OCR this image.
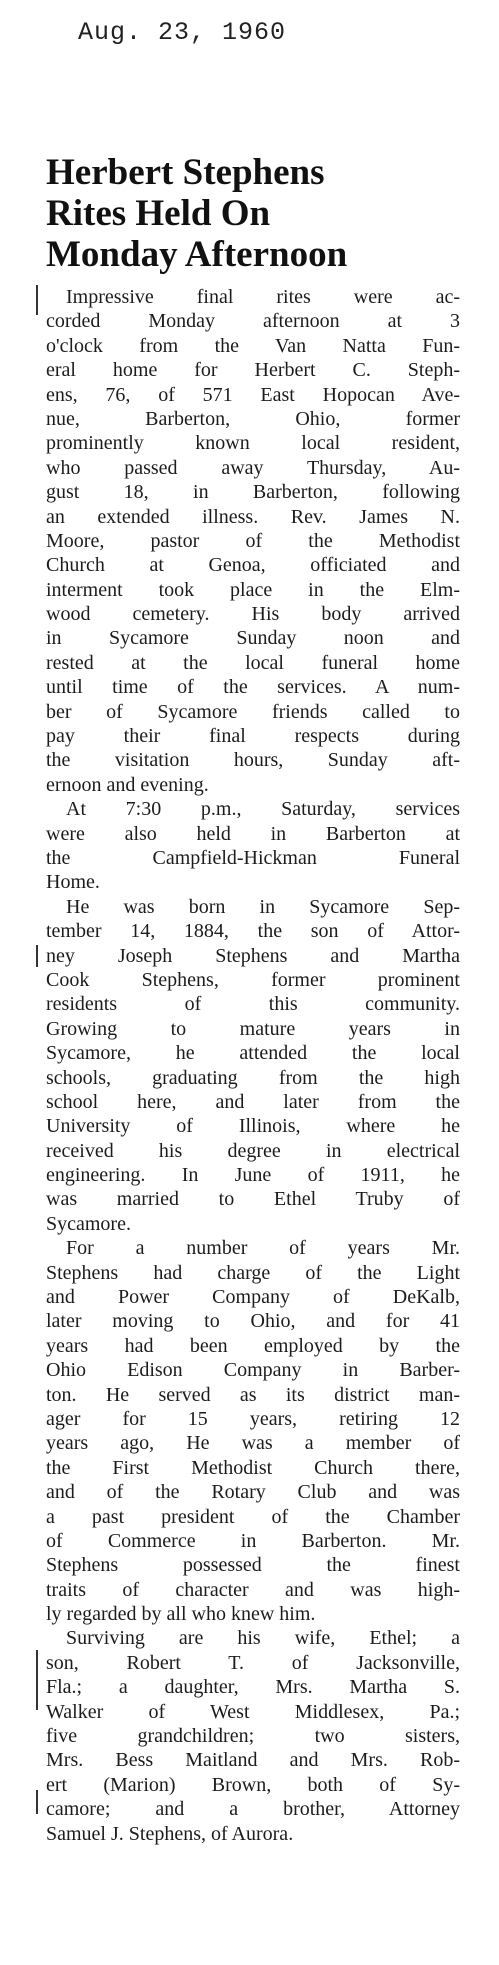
Aug. 23, 1960
Herbert Stephens
Rites Held On
Monday Afternoon
Impressive final rites were ac-
corded Monday afternoon at 3
o'clock from the Van Natta Fun-
eral home for Herbert C. Steph-
ens, 76, of 571 East Hopocan Ave-
nue, Barberton, Ohio, former
prominently known local resident,
who passed away Thursday, Au-
gust 18, in Barberton, following
an extended illness. Rev. James N.
Moore, pastor of the Methodist
Church at Genoa, officiated and
interment took place in the Elm-
wood cemetery. His body arrived
in Sycamore Sunday noon and
rested at the local funeral home
until time of the services. A num-
ber of Sycamore friends called to
pay their final respects during
the visitation hours, Sunday aft-
ernoon and evening.
At 7:30 p.m., Saturday, services
were also held in Barberton at
the Campfield-Hickman Funeral
Home.
He was born in Sycamore Sep-
tember 14, 1884, the son of Attor-
ney Joseph Stephens and Martha
Cook Stephens, former prominent
residents of this community.
Growing to mature years in
Sycamore, he attended the local
schools, graduating from the high
school here, and later from the
University of Illinois, where he
received his degree in electrical
engineering. In June of 1911, he
was married to Ethel Truby of
Sycamore.
For a number of years Mr.
Stephens had charge of the Light
and Power Company of DeKalb,
later moving to Ohio, and for 41
years had been employed by the
Ohio Edison Company in Barber-
ton. He served as its district man-
ager for 15 years, retiring 12
years ago, He was a member of
the First Methodist Church there,
and of the Rotary Club and was
a past president of the Chamber
of Commerce in Barberton. Mr.
Stephens possessed the finest
traits of character and was high-
ly regarded by all who knew him.
Surviving are his wife, Ethel; a
son, Robert T. of Jacksonville,
Fla.; a daughter, Mrs. Martha S.
Walker of West Middlesex, Pa.;
five grandchildren; two sisters,
Mrs. Bess Maitland and Mrs. Rob-
ert (Marion) Brown, both of Sy-
camore; and a brother, Attorney
Samuel J. Stephens, of Aurora.
